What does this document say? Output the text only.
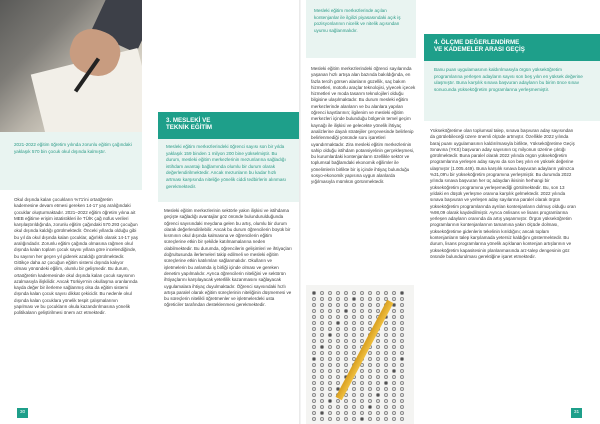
2021-2022 eğitim öğretim yılında zorunlu eğitim çağındaki yaklaşık 570 bin çocuk okul dışında kalmıştır.

Okul dışında kalan çocukların %71'ini ortaöğretim kademesine devam etmesi gereken 14-17 yaş aralığındaki çocuklar oluşturmaktadır. 2021–2022 eğitim öğretim yılına ait MEB eğitime erişim istatistikleri ile TÜİK çağ nüfus verileri karşılaştırıldığında, zorunlu eğitim çağındaki 570.293 çocuğun okul dışında kaldığı görülmektedir. Önceki yıllarda olduğu gibi bu yıl da okul dışında kalan çocuklar, ağırlıklı olarak 14-17 yaş aralığındadır. Zorunlu eğitim çağında olmasına rağmen okul dışında kalan toplam çocuk sayısı yıllara göre incelendiğinde, bu sayının her geçen yıl giderek azaldığı görülmektedir. Gittikçe daha az çocuğun eğitim sistemi dışında kalıyor olması yönündeki eğilim, olumlu bir gelişmedir. Bu durum, ortaöğretim kademesinde okul dışında kalan çocuk sayısının azalmasıyla ilişkilidir. Ancak Türkiye’nin okullaşma oranlarında kayda değer bir ilerleme sağlanmış olsa da eğitim sistemi dışında kalan çocuk sayısı dikkat çekicidir. Bu nedenle okul dışında kalan çocuklara yönelik tespit çalışmalarının yapılması ve bu çocukların okula kazandırılmasına yönelik politikaların geliştirilmesi önem arz etmektedir.

3. MESLEKİ VE
TEKNİK EĞİTİM

Mesleki eğitim merkezlerindeki öğrenci sayısı son bir yılda yaklaşık 159 binden 1 milyon 200 bine yükselmiştir. Bu durum, mesleki eğitim merkezlerinin mezunlarına sağladığı istihdam avantajı bağlamında olumlu bir durum olarak değerlendirilmektedir. Ancak mezunların bu kadar hızlı artması karşısında niteliğe yönelik ciddi tedbirlerin alınması gerekmektedir.

Mesleki eğitim merkezlerinin sektörle yakın ilişkisi ve istihdama geçişte sağladığı avantajlar göz önünde bulundurulduğunda öğrenci sayısındaki meydana gelen bu artış, olumlu bir durum olarak değerlendirilebilir. Ancak bu durum öğrencilerin büyük bir kısmının okul dışında kalmasına ve öğrencilerin eğitim süreçlerine etkin bir şekilde katılmamalarına neden olabilmektedir. Bu durumda, öğrencilerin gelişimleri ve ihtiyaçları doğrultusunda ilerlemeleri takip edilmeli ve mesleki eğitim süreçlerine etkin katılımları sağlanmalıdır. Okulların ve işletmelerin bu anlamda iş birliği içinde olması ve gereken denetim yapılmalıdır. Ayrıca öğrencilerin niteliğini ve sektörün ihtiyaçlarını karşılayacak yeterlilik kazanmasını sağlayacak uygulamalara ihtiyaç duyulmaktadır. Öğrenci sayısındaki hızlı artışa paralel olarak eğitim süreçlerinin niteliğinin düşmemesi ve bu süreçlerin nitelikli öğretmenler ve işletmelerdeki usta öğreticiler tarafından desteklenmesi gerekmektedir.

30

Mesleki eğitim merkezlerinde açılan kontenjanlar ile ilgilizi piyasasındaki açık iş pozisyonlarının nicelik ve nitelik açısından uyumu sağlanmalıdır.

Mesleki eğitim merkezlerindeki öğrenci sayılarında yaşanan hızlı artışa alan bazında bakıldığında, en fazla tercih görsen alanların güzellik, saç bakım hizmetleri, motorlu araçlar teknolojisi, yiyecek içecek hizmetleri ve moda tasarım teknolojileri olduğu bilgisine ulaşılmaktadır. Bu durum mesleki eğitim merkezlerinde alanların ve bu alanlara yapılan öğrenci kayıtlarının; ilgilenim ve mesleki eğitim merkezleri içinde bulunduğu bölgenin temel geçim kaynağı ile ilişkisi ve gelecekte yönelik ihtiyaç analizlerine dayalı stratejiler çerçevesinde belirlenip belirlenmediği yönünde soru işaretleri uyandırmaktadır. Zira mesleki eğitim merkezlerinin sahip olduğu istihdam potansiyelinin gerçekleşmesi, bu kurumlardaki kontenjanların özellikle sektör ve toplumsal bağlamdaki ekonomik eğilimler ile yönelimlerin birlikte bir iş içinde ihtiyaç bulunduğu sosyo-ekonomik yapısına uygun alanlarda yığılmasıyla mümkün görünmektedir.

4. ÖLÇME DEĞERLENDİRME
VE KADEMELER ARASI GEÇİŞ

Banu puan uygulamasının kaldırılmasıyla örgün yükseköğretim programlarına yerleşen adayların sayısı son beş yılın en yüksek değerine ulaşmıştır. Buna karşılık sınava başvuran adayların bu birim önce sınav sonucunda yükseköğretim programlarına yerleşmemiştir.

Yükseköğretime olan toplumsal talep, sınava başvuran aday sayısından da görülebileceği üzere önemli ölçüde artmıştır. Özellikle 2022 yılında baraj puanı uygulamasının kaldırılmasıyla birlikte, Yükseköğretime Geçiş Sınavına (YKS) başvuran aday sayısının üç milyonun üzerine çıktığı görülmektedir. Buna paralel olarak 2022 yılında örgün yükseköğretim programlarına yerleşen aday sayısı da son beş yılın en yüksek değerine ulaşmıştır (1.005.449). Buna karşılık sınava başvuran adayların yalnızca %31,09'u bir yükseköğretim programına yerleşmiştir. Bu durumda 2022 yılında sınava başvuran her üç adaydan ikisinin herhangi bir yükseköğretim programına yerleşemediği görülmektedir. Bu, son 13 yıldaki en düşük yerleşme oranına karşılık gelmektedir. 2022 yılında sınava başvuran ve yerleşen aday sayılarına paralel olarak örgün yükseköğretim programlarında ayrılan kontenjanların dolmuş olduğu oran %98,09 olarak kaydedilmiştir. Ayrıca önlisans ve lisans programlarına yerleşen adayların oranında da artış yaşanmıştır. Örgün yükseköğretim programlarının kontenjanlarının tamamına yakın ölçüde dolması, yükseköğretime gidenlerin tekelinin kırıldığını; ancak toplam kontenjanların talep karşılamada yetersiz kaldığını göstermektedir. Bu durum, lisans programlarına yönelik açıklanan kontenjan artışlarının ve yükseköğretim kapasitesinin planlanmasında arz-talep dengesinin göz önünde bulundurulması gerektiğine işaret etmektedir.

31
